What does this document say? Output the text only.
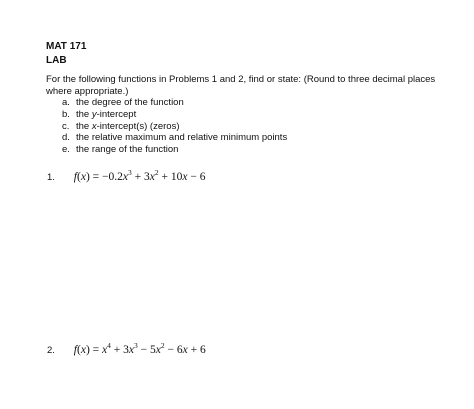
MAT 171
LAB

For the following functions in Problems 1 and 2, find or state: (Round to three decimal places where appropriate.)

a. the degree of the function
b. the y-intercept
c. the x-intercept(s) (zeros)
d. the relative maximum and relative minimum points
e. the range of the function
1. $f(x) = -0.2x^3 + 3x^2 + 10x - 6$
2. $f(x) = x^4 + 3x^3 - 5x^2 - 6x + 6$
